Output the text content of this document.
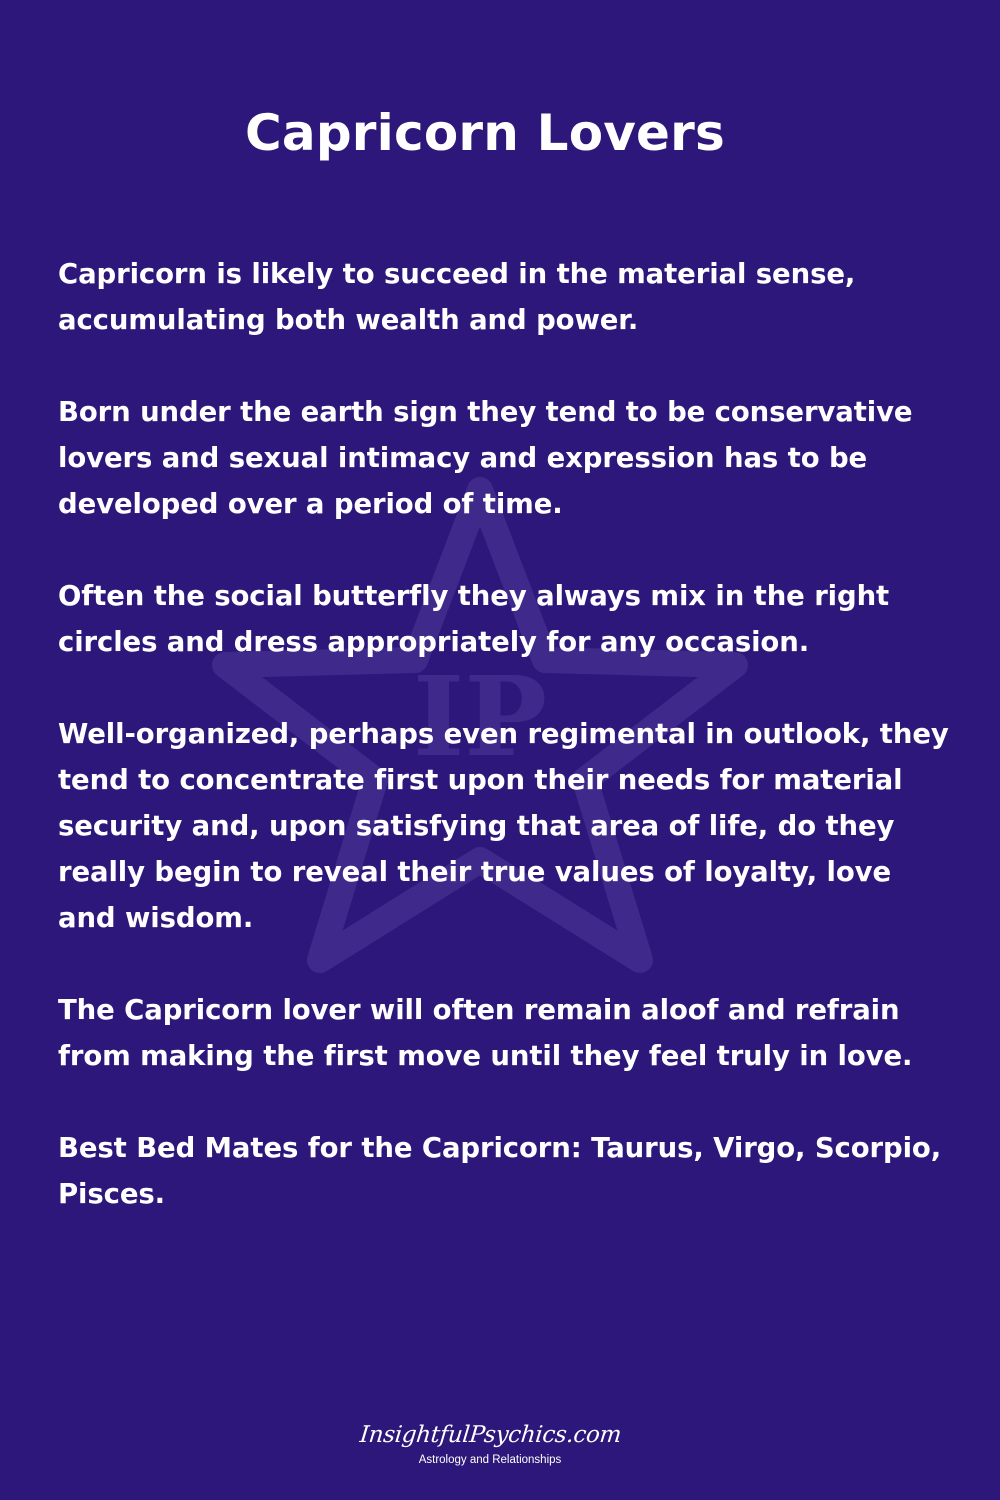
IP
Capricorn Lovers

Capricorn is likely to succeed in the material sense, accumulating both wealth and power.

Born under the earth sign they tend to be conservative lovers and sexual intimacy and expression has to be developed over a period of time.

Often the social butterfly they always mix in the right circles and dress appropriately for any occasion.

Well-organized, perhaps even regimental in outlook, they tend to concentrate first upon their needs for material security and, upon satisfying that area of life, do they really begin to reveal their true values of loyalty, love and wisdom.

The Capricorn lover will often remain aloof and refrain from making the first move until they feel truly in love.

Best Bed Mates for the Capricorn: Taurus, Virgo, Scorpio, Pisces.

InsightfulPsychics.com
Astrology and Relationships
